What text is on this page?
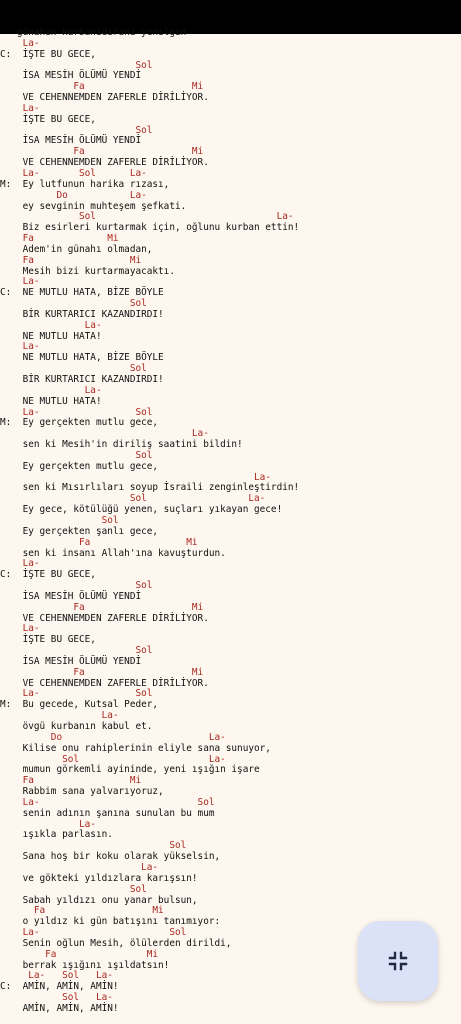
günahın kurbanıdıranı yenılgın
La-
C:  İŞTE BU GECE,
Sol
İSA MESİH ÖLÜMÜ YENDİ
Fa                   Mi
VE CEHENNEMDEN ZAFERLE DİRİLİYOR.
La-
İŞTE BU GECE,
Sol
İSA MESİH ÖLÜMÜ YENDİ
Fa                   Mi
VE CEHENNEMDEN ZAFERLE DİRİLİYOR.
La-       Sol      La-
M:  Ey lutfunun harika rızası,
Do           La-
ey sevginin muhteşem şefkati.
Sol                                La-
Biz esirleri kurtarmak için, oğlunu kurban ettin!
Fa             Mi
Adem'in günahı olmadan,
Fa                 Mi
Mesih bizi kurtarmayacaktı.
La-
C:  NE MUTLU HATA, BİZE BÖYLE
Sol
BİR KURTARICI KAZANDIRDI!
La-
NE MUTLU HATA!
La-
NE MUTLU HATA, BİZE BÖYLE
Sol
BİR KURTARICI KAZANDIRDI!
La-
NE MUTLU HATA!
La-                 Sol
M:  Ey gerçekten mutlu gece,
La-
sen ki Mesih'in diriliş saatini bildin!
Sol
Ey gerçekten mutlu gece,
La-
sen ki Mısırlıları soyup İsraili zenginleştirdin!
Sol                  La-
Ey gece, kötülüğü yenen, suçları yıkayan gece!
Sol
Ey gerçekten şanlı gece,
Fa                 Mi
sen ki insanı Allah'ına kavuşturdun.
La-
C:  İŞTE BU GECE,
Sol
İSA MESİH ÖLÜMÜ YENDİ
Fa                   Mi
VE CEHENNEMDEN ZAFERLE DİRİLİYOR.
La-
İŞTE BU GECE,
Sol
İSA MESİH ÖLÜMÜ YENDİ
Fa                   Mi
VE CEHENNEMDEN ZAFERLE DİRİLİYOR.
La-                 Sol
M:  Bu gecede, Kutsal Peder,
La-
övgü kurbanın kabul et.
Do                          La-
Kilise onu rahiplerinin eliyle sana sunuyor,
Sol                       La-
mumun görkemli ayininde, yeni ışığın işare
Fa                 Mi
Rabbim sana yalvarıyoruz,
La-                            Sol
senin adının şanına sunulan bu mum
La-
ışıkla parlasın.
Sol
Sana hoş bir koku olarak yükselsin,
La-
ve gökteki yıldızlara karışsın!
Sol
Sabah yıldızı onu yanar bulsun,
Fa                   Mi
o yıldız ki gün batışını tanımıyor:
La-                       Sol
Senin oğlun Mesih, ölülerden dirildi,
Fa                Mi
berrak ışığını ışıldatsın!
La-   Sol   La-
C:  AMİN, AMİN, AMİN!
Sol   La-
AMİN, AMİN, AMİN!
